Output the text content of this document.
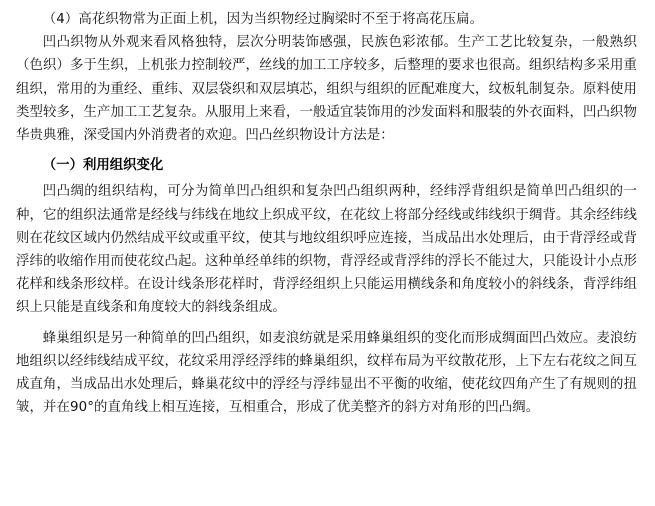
（4）高花织物常为正面上机，因为当织物经过胸梁时不至于将高花压扁。

凹凸织物从外观来看风格独特，层次分明装饰感强，民族色彩浓郁。生产工艺比较复杂，一般熟织（色织）多于生织，上机张力控制较严，丝线的加工工序较多，后整理的要求也很高。组织结构多采用重组织，常用的为重经、重纬、双层袋织和双层填芯，组织与组织的匠配难度大，纹板轧制复杂。原料使用类型较多，生产加工工艺复杂。从服用上来看，一般适宜装饰用的沙发面料和服装的外衣面料，凹凸织物华贵典雅，深受国内外消费者的欢迎。凹凸丝织物设计方法是：

（一）利用组织变化

凹凸绸的组织结构，可分为简单凹凸组织和复杂凹凸组织两种，经纬浮背组织是简单凹凸组织的一种，它的组织法通常是经线与纬线在地纹上织成平纹，在花纹上将部分经线或纬线织于绸背。其余经纬线则在花纹区域内仍然结成平纹或重平纹，使其与地纹组织呼应连接，当成品出水处理后，由于背浮经或背浮纬的收缩作用而使花纹凸起。这种单经单纬的织物，背浮经或背浮纬的浮长不能过大，只能设计小点形花样和线条形纹样。在设计线条形花样时，背浮经组织上只能运用横线条和角度较小的斜线条，背浮纬组织上只能是直线条和角度较大的斜线条组成。

蜂巢组织是另一种简单的凹凸组织，如麦浪纺就是采用蜂巢组织的变化而形成绸面凹凸效应。麦浪纺地组织以经纬线结成平纹，花纹采用浮经浮纬的蜂巢组织，纹样布局为平纹散花形，上下左右花纹之间互成直角，当成品出水处理后，蜂巢花纹中的浮经与浮纬显出不平衡的收缩，使花纹四角产生了有规则的扭皱，并在90°的直角线上相互连接，互相重合，形成了优美整齐的斜方对角形的凹凸绸。
